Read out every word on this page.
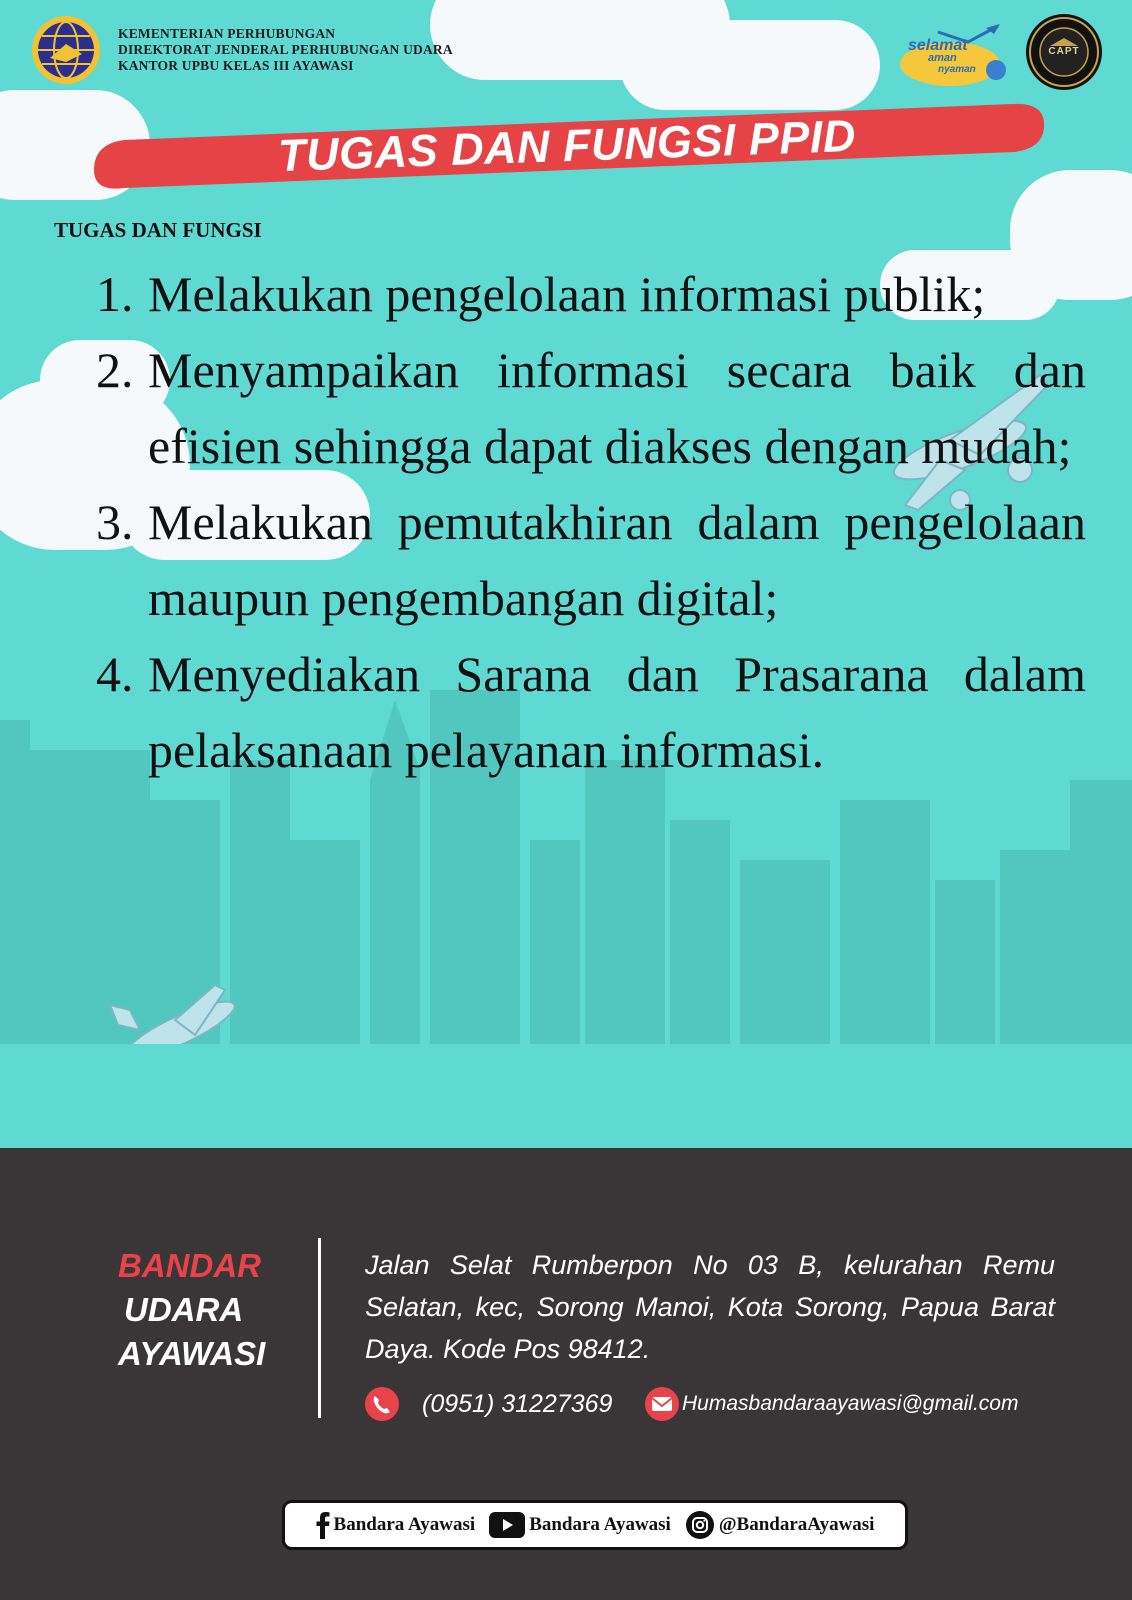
KEMENTERIAN PERHUBUNGAN
DIREKTORAT JENDERAL PERHUBUNGAN UDARA
KANTOR UPBU KELAS III AYAWASI
selamat
aman
nyaman
CAPT
TUGAS DAN FUNGSI PPID
TUGAS DAN FUNGSI
1. Melakukan pengelolaan informasi publik;
2. Menyampaikan informasi secara baik dan efisien sehingga dapat diakses dengan mudah;
3. Melakukan pemutakhiran dalam pengelolaan maupun pengembangan digital;
4. Menyediakan Sarana dan Prasarana dalam pelaksanaan pelayanan informasi.
BANDAR
UDARA
AYAWASI
Jalan Selat Rumberpon No 03 B, kelurahan Remu Selatan, kec, Sorong Manoi, Kota Sorong, Papua Barat Daya. Kode Pos 98412.
(0951) 31227369	Humasbandaraayawasi@gmail.com
Bandara Ayawasi	Bandara Ayawasi	@BandaraAyawasi
